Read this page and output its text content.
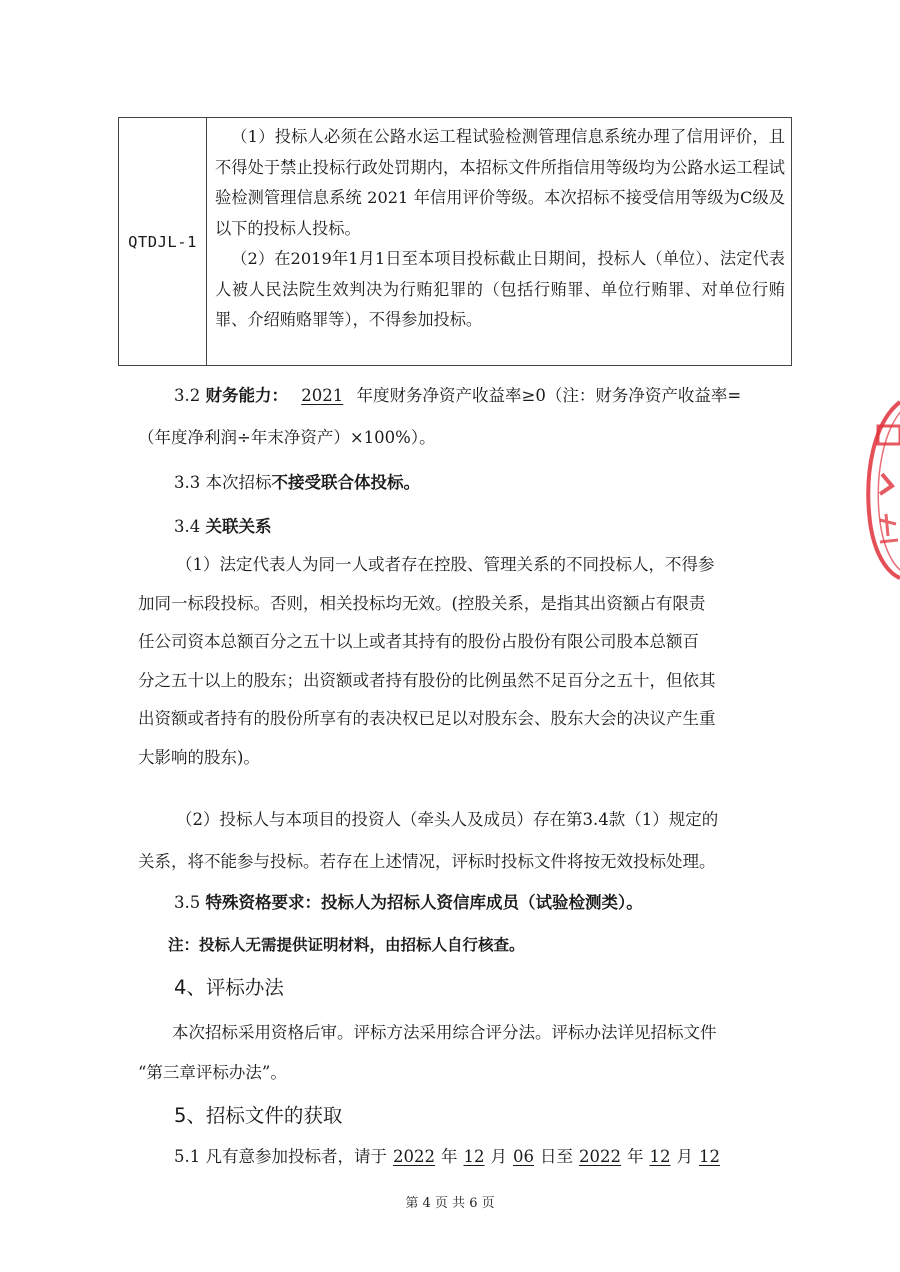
QTDJL-1

（1）投标人必须在公路水运工程试验检测管理信息系统办理了信用评价，且不得处于禁止投标行政处罚期内，本招标文件所指信用等级均为公路水运工程试验检测管理信息系统 2021 年信用评价等级。本次招标不接受信用等级为C级及以下的投标人投标。

（2）在2019年1月1日至本项目投标截止日期间，投标人（单位）、法定代表人被人民法院生效判决为行贿犯罪的（包括行贿罪、单位行贿罪、对单位行贿罪、介绍贿赂罪等），不得参加投标。

3.2 财务能力： 2021 年度财务净资产收益率≥0（注：财务净资产收益率=

（年度净利润÷年末净资产）×100%）。

3.3 本次招标不接受联合体投标。

3.4 关联关系

（1）法定代表人为同一人或者存在控股、管理关系的不同投标人，不得参

加同一标段投标。否则，相关投标均无效。(控股关系，是指其出资额占有限责

任公司资本总额百分之五十以上或者其持有的股份占股份有限公司股本总额百

分之五十以上的股东；出资额或者持有股份的比例虽然不足百分之五十，但依其

出资额或者持有的股份所享有的表决权已足以对股东会、股东大会的决议产生重

大影响的股东)。

（2）投标人与本项目的投资人（牵头人及成员）存在第3.4款（1）规定的

关系，将不能参与投标。若存在上述情况，评标时投标文件将按无效投标处理。

3.5 特殊资格要求：投标人为招标人资信库成员（试验检测类）。

注：投标人无需提供证明材料，由招标人自行核查。

4、评标办法

本次招标采用资格后审。评标方法采用综合评分法。评标办法详见招标文件

“第三章评标办法”。

5、招标文件的获取

5.1 凡有意参加投标者，请于 2022 年 12 月 06 日至 2022 年 12 月 12

第 4 页 共 6 页
